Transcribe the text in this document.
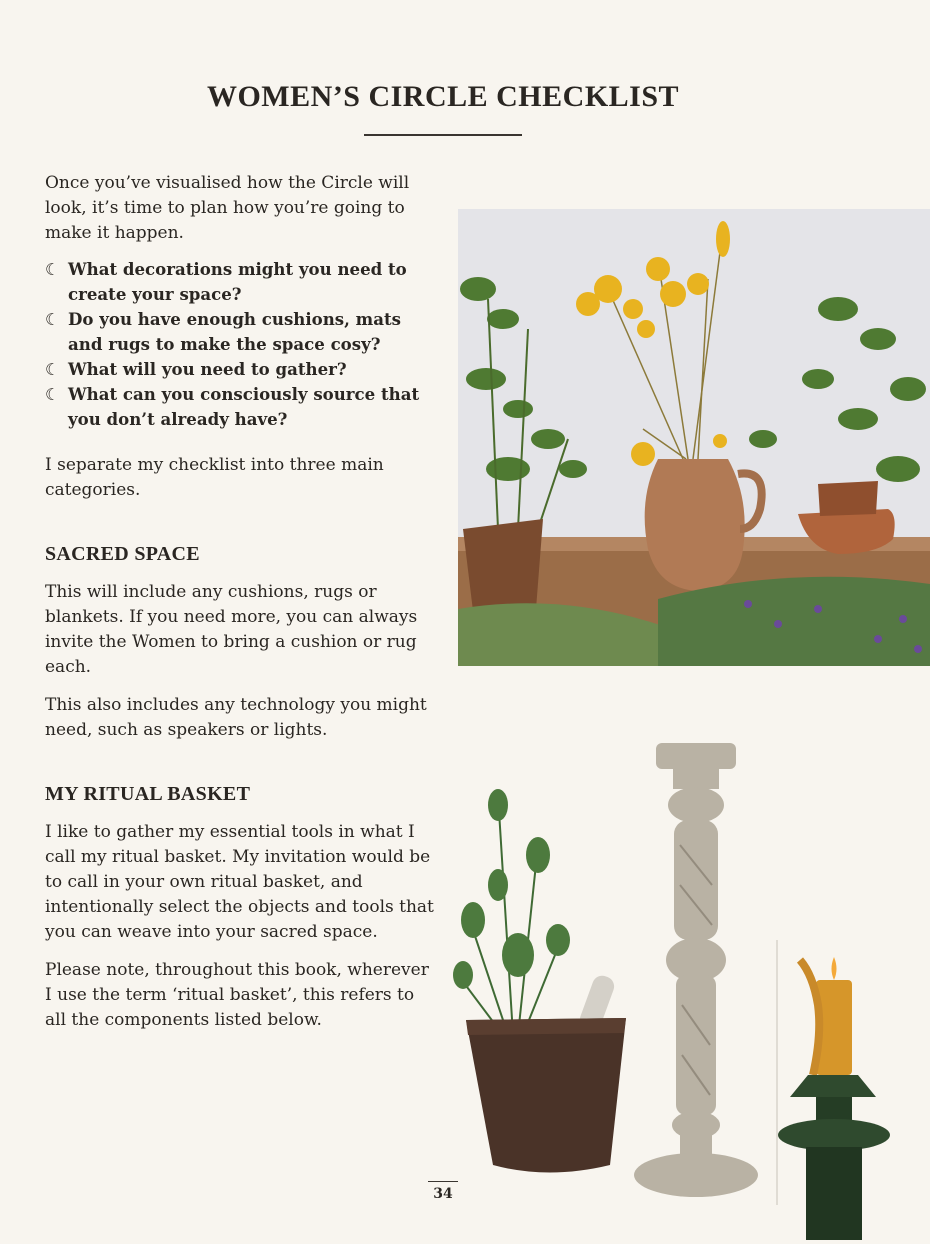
WOMEN’S CIRCLE CHECKLIST

Once you’ve visualised how the Circle will look, it’s time to plan how you’re going to make it happen.

☾ What decorations might you need to create your space?
☾ Do you have enough cushions, mats and rugs to make the space cosy?
☾ What will you need to gather?
☾ What can you consciously source that you don’t already have?

I separate my checklist into three main categories.

SACRED SPACE

This will include any cushions, rugs or blankets. If you need more, you can always invite the Women to bring a cushion or rug each.

This also includes any technology you might need, such as speakers or lights.

MY RITUAL BASKET

I like to gather my essential tools in what I call my ritual basket. My invitation would be to call in your own ritual basket, and intentionally select the objects and tools that you can weave into your sacred space.

Please note, throughout this book, wherever I use the term ‘ritual basket’, this refers to all the components listed below.

34
